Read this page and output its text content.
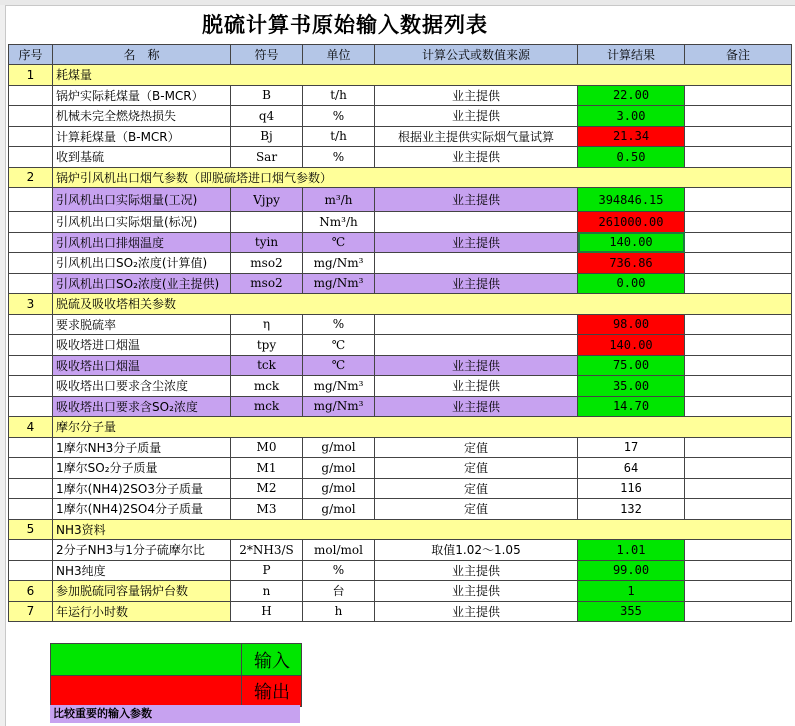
脱硫计算书原始输入数据列表
序号	名　称	符号	单位	计算公式或数值来源	计算结果	备注
1	耗煤量					
	锅炉实际耗煤量（B-MCR）	B	t/h	业主提供	22.00	
	机械未完全燃烧热损失	q4	%	业主提供	3.00	
	计算耗煤量（B-MCR）	Bj	t/h	根据业主提供实际烟气量试算	21.34	
	收到基硫	Sar	%	业主提供	0.50	
2	锅炉引风机出口烟气参数（即脱硫塔进口烟气参数）					
	引风机出口实际烟量(工况)	Vjpy	m³/h	业主提供	394846.15	
	引风机出口实际烟量(标况)		Nm³/h		261000.00	
	引风机出口排烟温度	tyin	℃	业主提供	140.00	
	引风机出口SO₂浓度(计算值)	mso2	mg/Nm³		736.86	
	引风机出口SO₂浓度(业主提供)	mso2	mg/Nm³	业主提供	0.00	
3	脱硫及吸收塔相关参数					
	要求脱硫率	η	%		98.00	
	吸收塔进口烟温	tpy	℃		140.00	
	吸收塔出口烟温	tck	℃	业主提供	75.00	
	吸收塔出口要求含尘浓度	mck	mg/Nm³	业主提供	35.00	
	吸收塔出口要求含SO₂浓度	mck	mg/Nm³	业主提供	14.70	
4	摩尔分子量					
	1摩尔NH3分子质量	M0	g/mol	定值	17	
	1摩尔SO₂分子质量	M1	g/mol	定值	64	
	1摩尔(NH4)2SO3分子质量	M2	g/mol	定值	116	
	1摩尔(NH4)2SO4分子质量	M3	g/mol	定值	132	
5	NH3资料					
	2分子NH3与1分子硫摩尔比	2*NH3/S	mol/mol	取值1.02～1.05	1.01	
	NH3纯度	P	%	业主提供	99.00	
6	参加脱硫同容量锅炉台数	n	台	业主提供	1	
7	年运行小时数	H	h	业主提供	355	
输入
输出
比较重要的输入参数
